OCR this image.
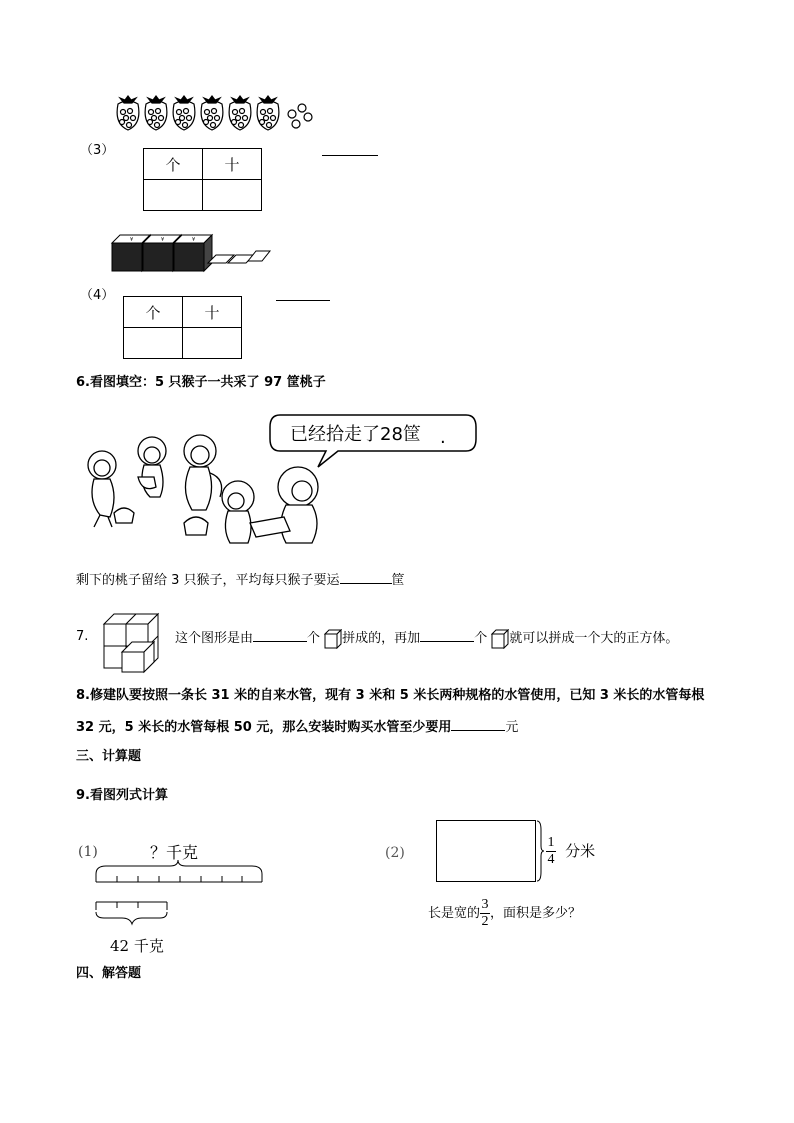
（3）
个	十

¥
（4）
个	十

6.看图填空：5 只猴子一共采了 97 筐桃子
已经拾走了28筐 .
剩下的桃子留给 3 只猴子，平均每只猴子要运	筐
7.	这个图形是由	个 拼成的，再加	个 就可以拼成一个大的正方体。
8.修建队要按照一条长 31 米的自来水管，现有 3 米和 5 米长两种规格的水管使用，已知 3 米长的水管每根
32 元，5 米长的水管每根 50 元，那么安装时购买水管至少要用	元
三、计算题
9.看图列式计算
(1)	？千克
42 千克
(2)	$\frac{1}{4}$ 分米
长是宽的 $\frac{3}{2}$ ，面积是多少？
四、解答题
